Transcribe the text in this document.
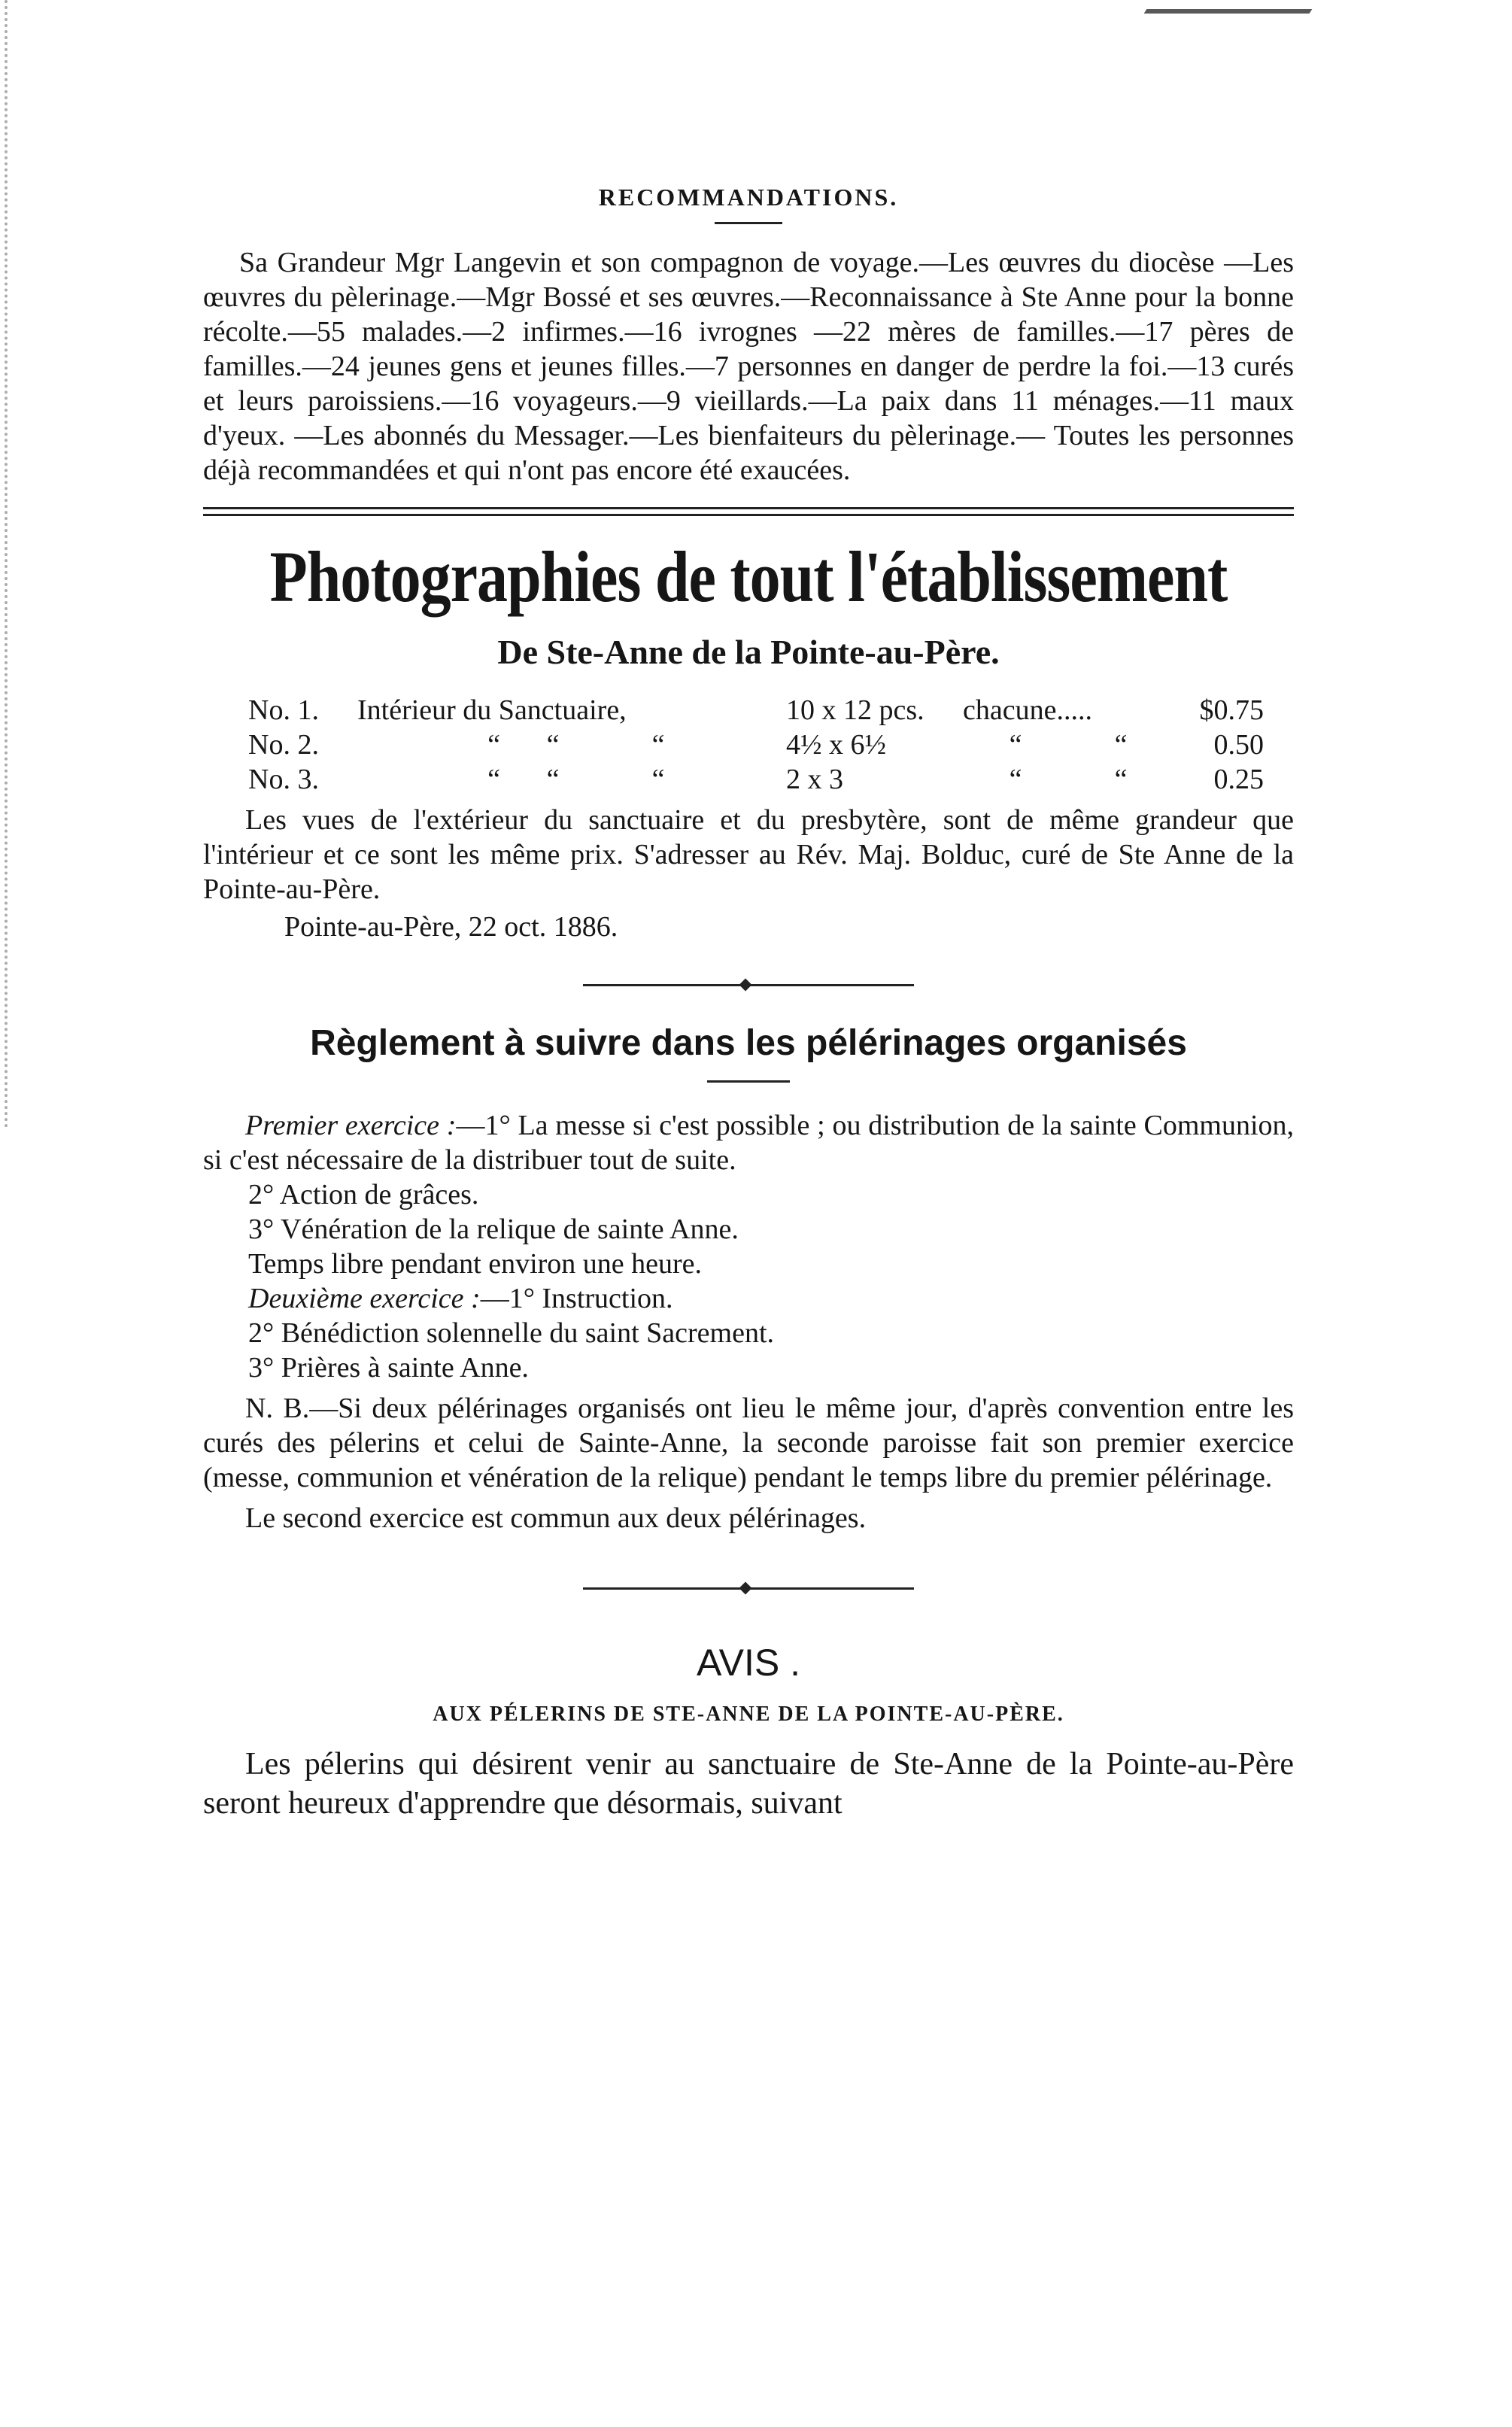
RECOMMANDATIONS.

Sa Grandeur Mgr Langevin et son compagnon de voyage.—Les œuvres du diocèse —Les œuvres du pèlerinage.—Mgr Bossé et ses œuvres.—Reconnaissance à Ste Anne pour la bonne récolte.—55 malades.—2 infirmes.—16 ivrognes —22 mères de familles.—17 pères de familles.—24 jeunes gens et jeunes filles.—7 personnes en danger de perdre la foi.—13 curés et leurs paroissiens.—16 voyageurs.—9 vieillards.—La paix dans 11 ménages.—11 maux d'yeux. —Les abonnés du Messager.—Les bienfaiteurs du pèlerinage.— Toutes les personnes déjà recommandées et qui n'ont pas encore été exaucées.

Photographies de tout l'établissement
De Ste-Anne de la Pointe-au-Père.
No. 1.	Intérieur du Sanctuaire,	10 x 12 pcs.	chacune.....	$0.75
No. 2.	“ “ “	4½ x 6½	“ “	0.50
No. 3.	“ “ “	2 x 3	“ “	0.25

Les vues de l'extérieur du sanctuaire et du presbytère, sont de même grandeur que l'intérieur et ce sont les même prix. S'adresser au Rév. Maj. Bolduc, curé de Ste Anne de la Pointe-au-Père.

Pointe-au-Père, 22 oct. 1886.
Règlement à suivre dans les pélérinages organisés

Premier exercice :—1° La messe si c'est possible ; ou distribution de la sainte Communion, si c'est nécessaire de la distribuer tout de suite.

2° Action de grâces.
3° Vénération de la relique de sainte Anne.
Temps libre pendant environ une heure.
Deuxième exercice :—1° Instruction.
2° Bénédiction solennelle du saint Sacrement.
3° Prières à sainte Anne.

N. B.—Si deux pélérinages organisés ont lieu le même jour, d'après convention entre les curés des pélerins et celui de Sainte-Anne, la seconde paroisse fait son premier exercice (messe, communion et vénération de la relique) pendant le temps libre du premier pélérinage.

Le second exercice est commun aux deux pélérinages.

AVIS .
AUX PÉLERINS DE STE-ANNE DE LA POINTE-AU-PÈRE.

Les pélerins qui désirent venir au sanctuaire de Ste-Anne de la Pointe-au-Père seront heureux d'apprendre que désormais, suivant
